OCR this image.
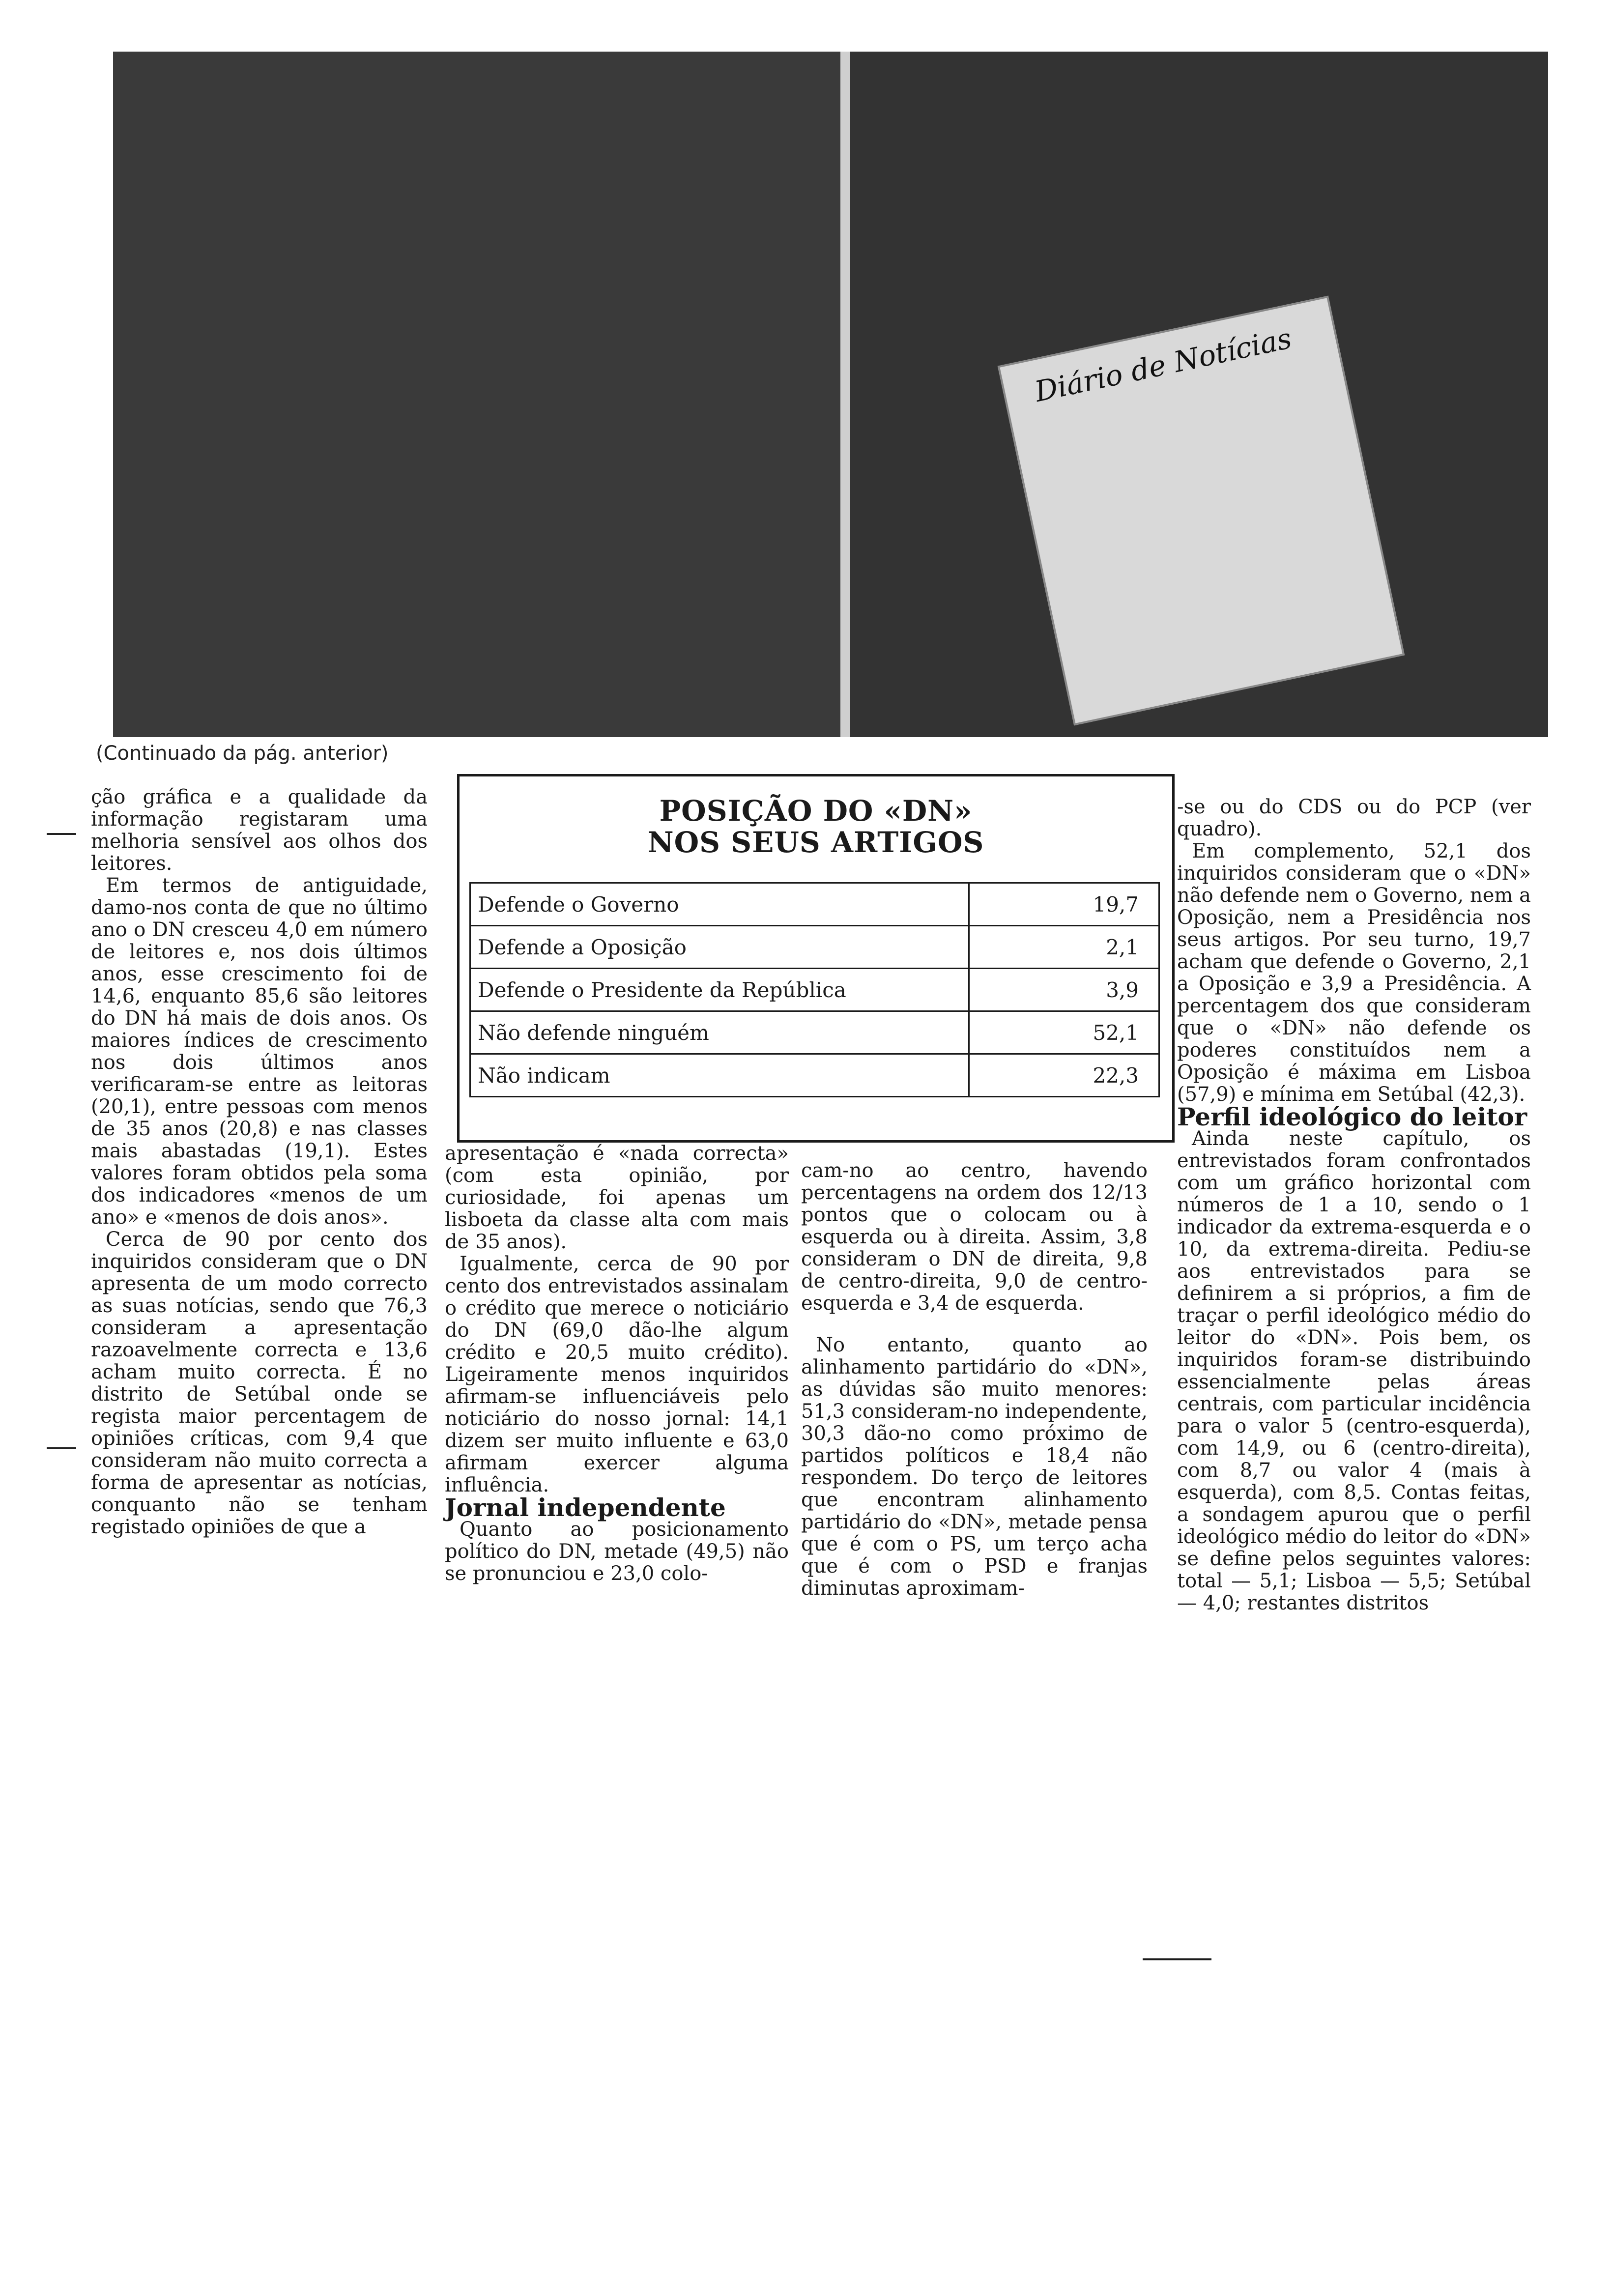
Diário de Notícias
(Continuado da pág. anterior)

ção gráfica e a qualidade da informação registaram uma melhoria sensível aos olhos dos leitores.

Em termos de antiguidade, damo-nos conta de que no último ano o DN cresceu 4,0 em número de leitores e, nos dois últimos anos, esse crescimento foi de 14,6, enquanto 85,6 são leitores do DN há mais de dois anos. Os maiores índices de crescimento nos dois últimos anos verificaram-se entre as leitoras (20,1), entre pessoas com menos de 35 anos (20,8) e nas classes mais abastadas (19,1). Estes valores foram obtidos pela soma dos indicadores «menos de um ano» e «menos de dois anos».

Cerca de 90 por cento dos inquiridos consideram que o DN apresenta de um modo correcto as suas notícias, sendo que 76,3 consideram a apresentação razoavelmente correcta e 13,6 acham muito correcta. É no distrito de Setúbal onde se regista maior percentagem de opiniões críticas, com 9,4 que consideram não muito correcta a forma de apresentar as notícias, conquanto não se tenham registado opiniões de que a

POSIÇÃO DO «DN»
NOS SEUS ARTIGOS
Defende o Governo	19,7
Defende a Oposição	2,1
Defende o Presidente da República	3,9
Não defende ninguém	52,1
Não indicam	22,3

apresentação é «nada correcta» (com esta opinião, por curiosidade, foi apenas um lisboeta da classe alta com mais de 35 anos).

Igualmente, cerca de 90 por cento dos entrevistados assinalam o crédito que merece o noticiário do DN (69,0 dão-lhe algum crédito e 20,5 muito crédito). Ligeiramente menos inquiridos afirmam-se influenciáveis pelo noticiário do nosso jornal: 14,1 dizem ser muito influente e 63,0 afirmam exercer alguma influência.

Jornal independente

Quanto ao posicionamento político do DN, metade (49,5) não se pronunciou e 23,0 colo-

cam-no ao centro, havendo percentagens na ordem dos 12/13 pontos que o colocam ou à esquerda ou à direita. Assim, 3,8 consideram o DN de direita, 9,8 de centro-direita, 9,0 de centro-esquerda e 3,4 de esquerda.

No entanto, quanto ao alinhamento partidário do «DN», as dúvidas são muito menores: 51,3 consideram-no independente, 30,3 dão-no como próximo de partidos políticos e 18,4 não respondem. Do terço de leitores que encontram alinhamento partidário do «DN», metade pensa que é com o PS, um terço acha que é com o PSD e franjas diminutas aproximam-

-se ou do CDS ou do PCP (ver quadro).

Em complemento, 52,1 dos inquiridos consideram que o «DN» não defende nem o Governo, nem a Oposição, nem a Presidência nos seus artigos. Por seu turno, 19,7 acham que defende o Governo, 2,1 a Oposição e 3,9 a Presidência. A percentagem dos que consideram que o «DN» não defende os poderes constituídos nem a Oposição é máxima em Lisboa (57,9) e mínima em Setúbal (42,3).

Perfil ideológico do leitor

Ainda neste capítulo, os entrevistados foram confrontados com um gráfico horizontal com números de 1 a 10, sendo o 1 indicador da extrema-esquerda e o 10, da extrema-direita. Pediu-se aos entrevistados para se definirem a si próprios, a fim de traçar o perfil ideológico médio do leitor do «DN». Pois bem, os inquiridos foram-se distribuindo essencialmente pelas áreas centrais, com particular incidência para o valor 5 (centro-esquerda), com 14,9, ou 6 (centro-direita), com 8,7 ou valor 4 (mais à esquerda), com 8,5. Contas feitas, a sondagem apurou que o perfil ideológico médio do leitor do «DN» se define pelos seguintes valores: total — 5,1; Lisboa — 5,5; Setúbal — 4,0; restantes distritos
